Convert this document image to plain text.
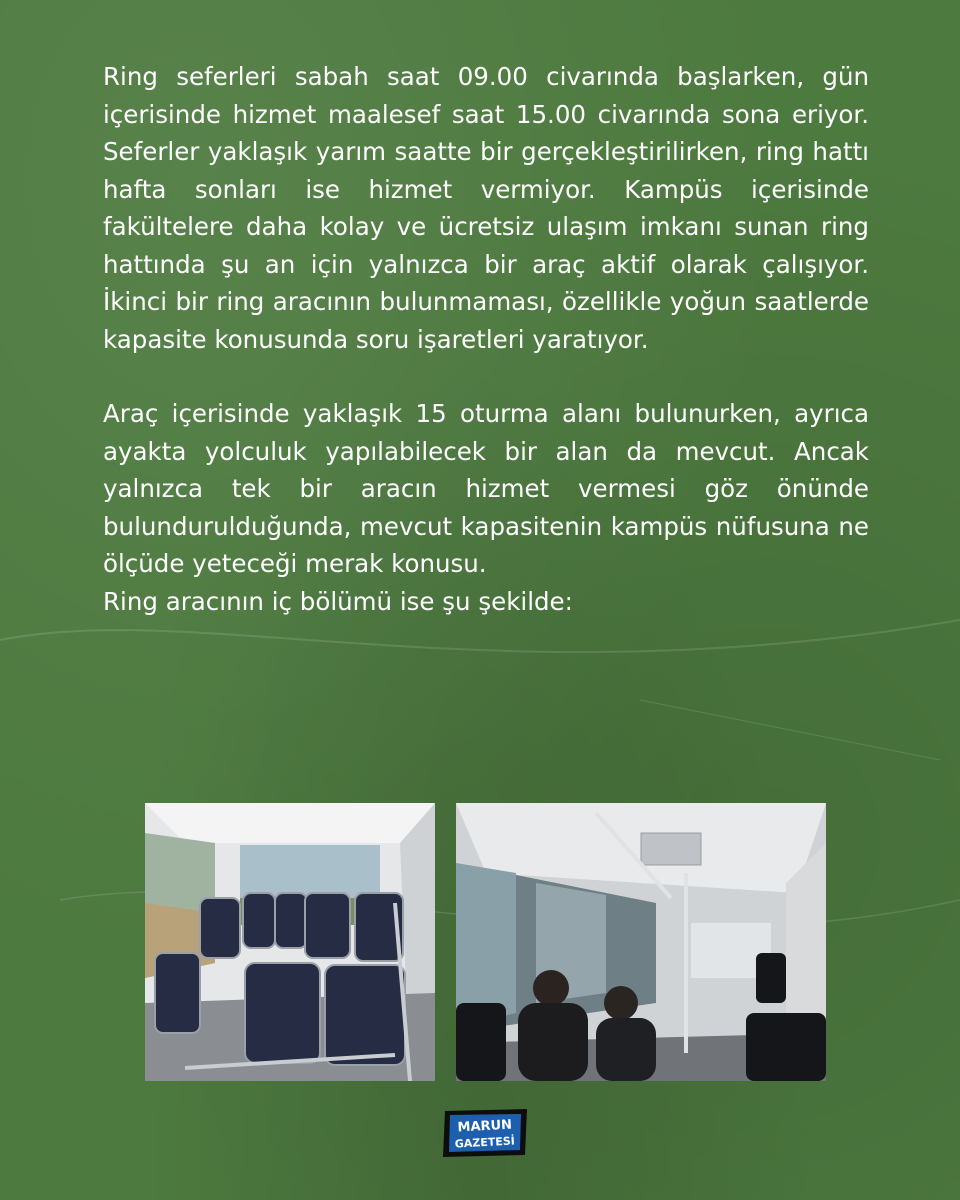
Ring seferleri sabah saat 09.00 civarında başlarken, gün içerisinde hizmet maalesef saat 15.00 civarında sona eriyor. Seferler yaklaşık yarım saatte bir gerçekleştirilirken, ring hattı hafta sonları ise hizmet vermiyor. Kampüs içerisinde fakültelere daha kolay ve ücretsiz ulaşım imkanı sunan ring hattında şu an için yalnızca bir araç aktif olarak çalışıyor. İkinci bir ring aracının bulunmaması, özellikle yoğun saatlerde kapasite konusunda soru işaretleri yaratıyor.

Araç içerisinde yaklaşık 15 oturma alanı bulunurken, ayrıca ayakta yolculuk yapılabilecek bir alan da mevcut. Ancak yalnızca tek bir aracın hizmet vermesi göz önünde bulundurulduğunda, mevcut kapasitenin kampüs nüfusuna ne ölçüde yeteceği merak konusu.

Ring aracının iç bölümü ise şu şekilde:

MARUN
GAZETESİ
